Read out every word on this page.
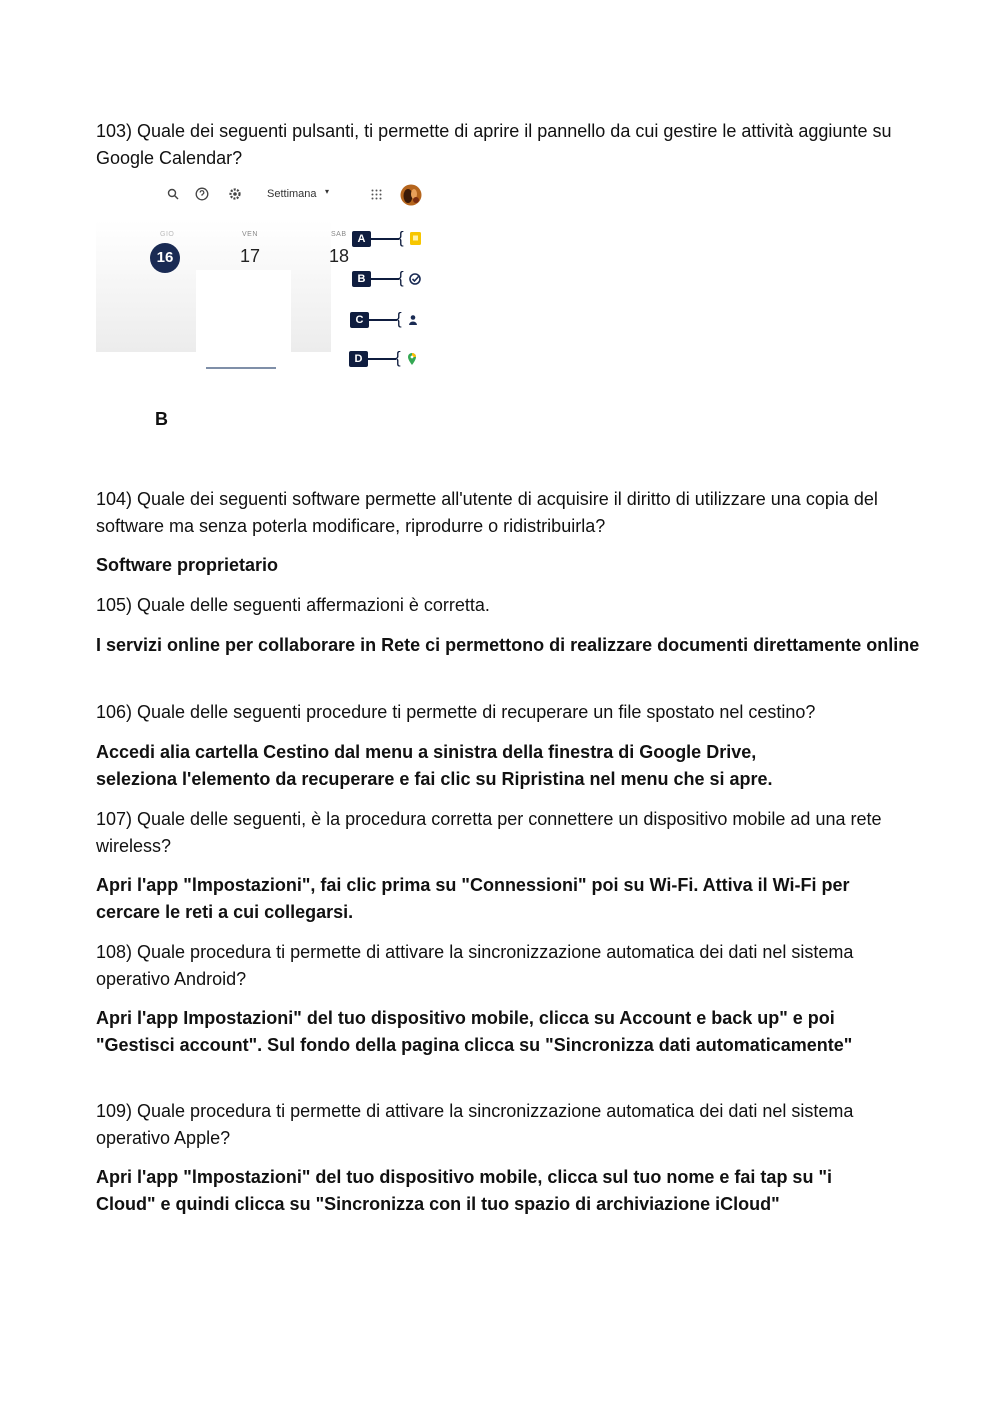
103) Quale dei seguenti pulsanti, ti permette di aprire il pannello da cui gestire le attività aggiunte su Google Calendar?

Settimana ▾
GIO
16
VEN
17
SAB
18
A	{
B	{
C	{
D	{

B

104) Quale dei seguenti software permette all'utente di acquisire il diritto di utilizzare una copia del software ma senza poterla modificare, riprodurre o ridistribuirla?

Software proprietario

105) Quale delle seguenti affermazioni è corretta.

I servizi online per collaborare in Rete ci permettono di realizzare documenti direttamente online

106) Quale delle seguenti procedure ti permette di recuperare un file spostato nel cestino?

Accedi alia cartella Cestino dal menu a sinistra della finestra di Google Drive, seleziona l'elemento da recuperare e fai clic su Ripristina nel menu che si apre.

107) Quale delle seguenti, è la procedura corretta per connettere un dispositivo mobile ad una rete wireless?

Apri l'app "lmpostazioni", fai clic prima su "Connessioni" poi su Wi-Fi. Attiva il Wi-Fi per cercare le reti a cui collegarsi.

108) Quale procedura ti permette di attivare la sincronizzazione automatica dei dati nel sistema operativo Android?

Apri l'app Impostazioni" del tuo dispositivo mobile, clicca su Account e back up" e poi "Gestisci account". Sul fondo della pagina clicca su "Sincronizza dati automaticamente"

109) Quale procedura ti permette di attivare la sincronizzazione automatica dei dati nel sistema operativo Apple?

Apri l'app "lmpostazioni" del tuo dispositivo mobile, clicca sul tuo nome e fai tap su "i Cloud" e quindi clicca su "Sincronizza con il tuo spazio di archiviazione iCloud"
